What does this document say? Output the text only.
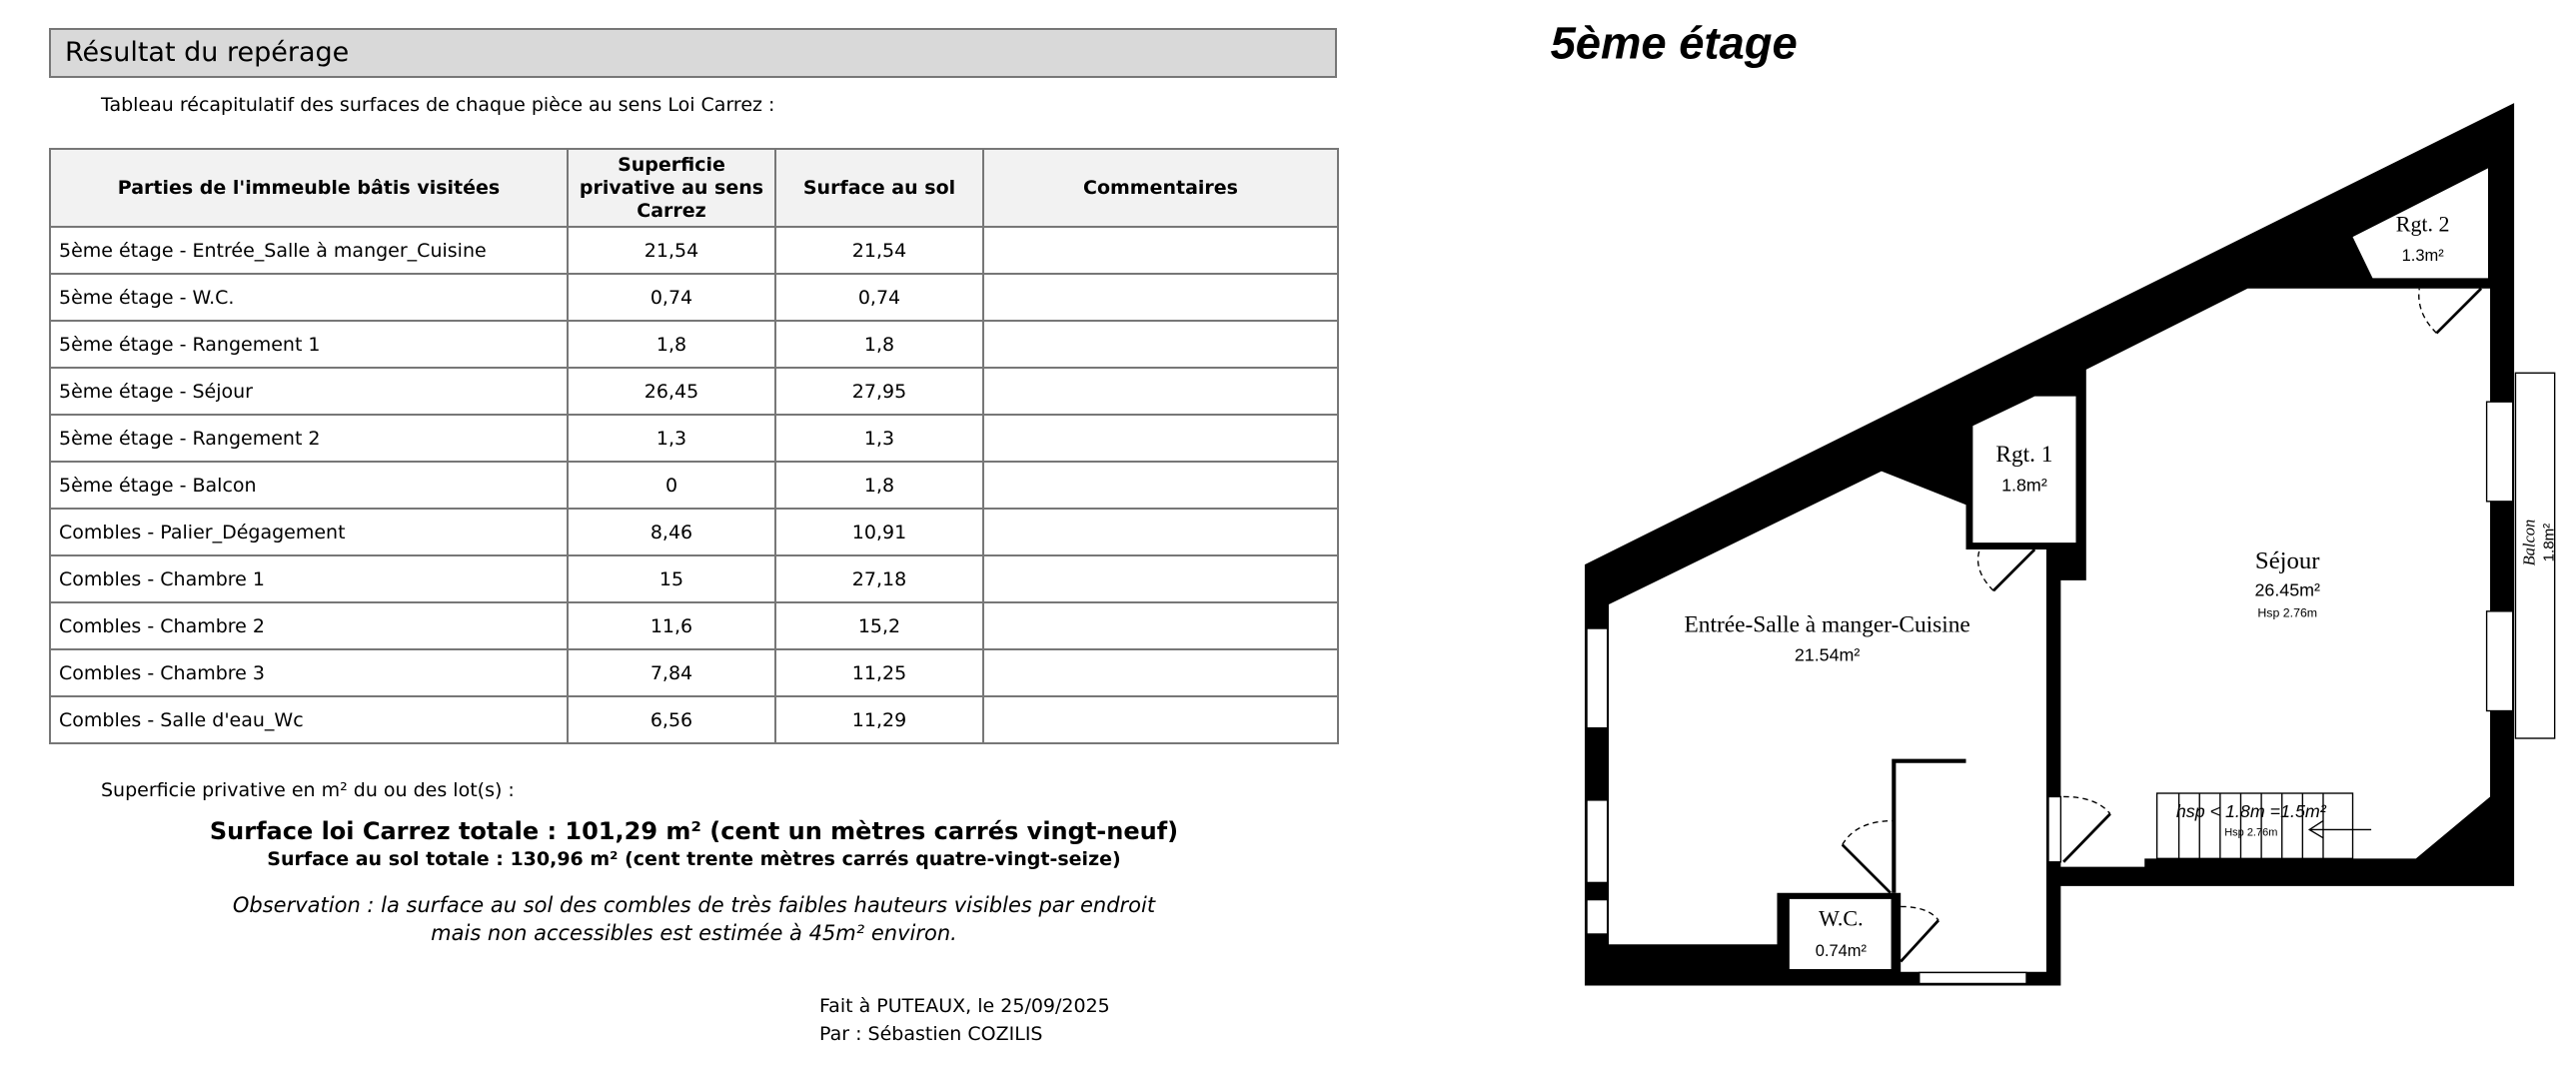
Résultat du repérage
Tableau récapitulatif des surfaces de chaque pièce au sens Loi Carrez :
Parties de l'immeuble bâtis visitées	Superficie privative au sens Carrez	Surface au sol	Commentaires
5ème étage - Entrée_Salle à manger_Cuisine	21,54	21,54	
5ème étage - W.C.	0,74	0,74	
5ème étage - Rangement 1	1,8	1,8	
5ème étage - Séjour	26,45	27,95	
5ème étage - Rangement 2	1,3	1,3	
5ème étage - Balcon	0	1,8	
Combles - Palier_Dégagement	8,46	10,91	
Combles - Chambre 1	15	27,18	
Combles - Chambre 2	11,6	15,2	
Combles - Chambre 3	7,84	11,25	
Combles - Salle d'eau_Wc	6,56	11,29	
Superficie privative en m² du ou des lot(s) :
Surface loi Carrez totale : 101,29 m² (cent un mètres carrés vingt-neuf)
Surface au sol totale : 130,96 m² (cent trente mètres carrés quatre-vingt-seize)
Observation : la surface au sol des combles de très faibles hauteurs visibles par endroit
mais non accessibles est estimée à 45m² environ.
Fait à PUTEAUX, le 25/09/2025
Par : Sébastien COZILIS
5ème étage
Entrée-Salle à manger-Cuisine
21.54m²
W.C.
0.74m²
Rgt. 1
1.8m²
Séjour
26.45m²
Hsp 2.76m
Rgt. 2
1.3m²
Balcon 1.8m²
hsp < 1.8m =1.5m²
Hsp 2.76m
